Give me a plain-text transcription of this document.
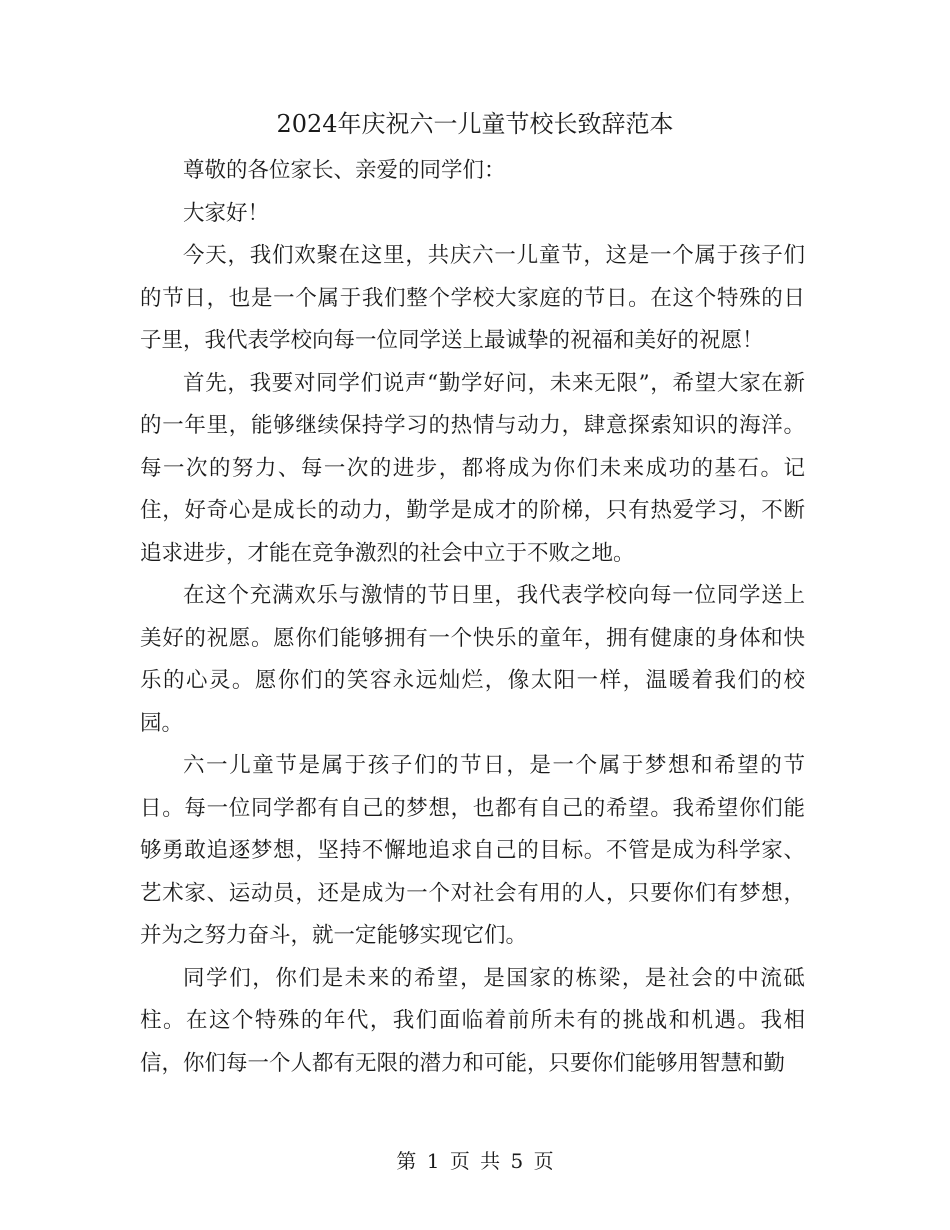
2024年庆祝六一儿童节校长致辞范本

尊敬的各位家长、亲爱的同学们：

大家好！

今天，我们欢聚在这里，共庆六一儿童节，这是一个属于孩子们的节日，也是一个属于我们整个学校大家庭的节日。在这个特殊的日子里，我代表学校向每一位同学送上最诚挚的祝福和美好的祝愿！

首先，我要对同学们说声“勤学好问，未来无限”，希望大家在新的一年里，能够继续保持学习的热情与动力，肆意探索知识的海洋。每一次的努力、每一次的进步，都将成为你们未来成功的基石。记住，好奇心是成长的动力，勤学是成才的阶梯，只有热爱学习，不断追求进步，才能在竞争激烈的社会中立于不败之地。

在这个充满欢乐与激情的节日里，我代表学校向每一位同学送上美好的祝愿。愿你们能够拥有一个快乐的童年，拥有健康的身体和快乐的心灵。愿你们的笑容永远灿烂，像太阳一样，温暖着我们的校园。

六一儿童节是属于孩子们的节日，是一个属于梦想和希望的节日。每一位同学都有自己的梦想，也都有自己的希望。我希望你们能够勇敢追逐梦想，坚持不懈地追求自己的目标。不管是成为科学家、艺术家、运动员，还是成为一个对社会有用的人，只要你们有梦想，并为之努力奋斗，就一定能够实现它们。

同学们，你们是未来的希望，是国家的栋梁，是社会的中流砥柱。在这个特殊的年代，我们面临着前所未有的挑战和机遇。我相信，你们每一个人都有无限的潜力和可能，只要你们能够用智慧和勤

第 1 页 共 5 页
